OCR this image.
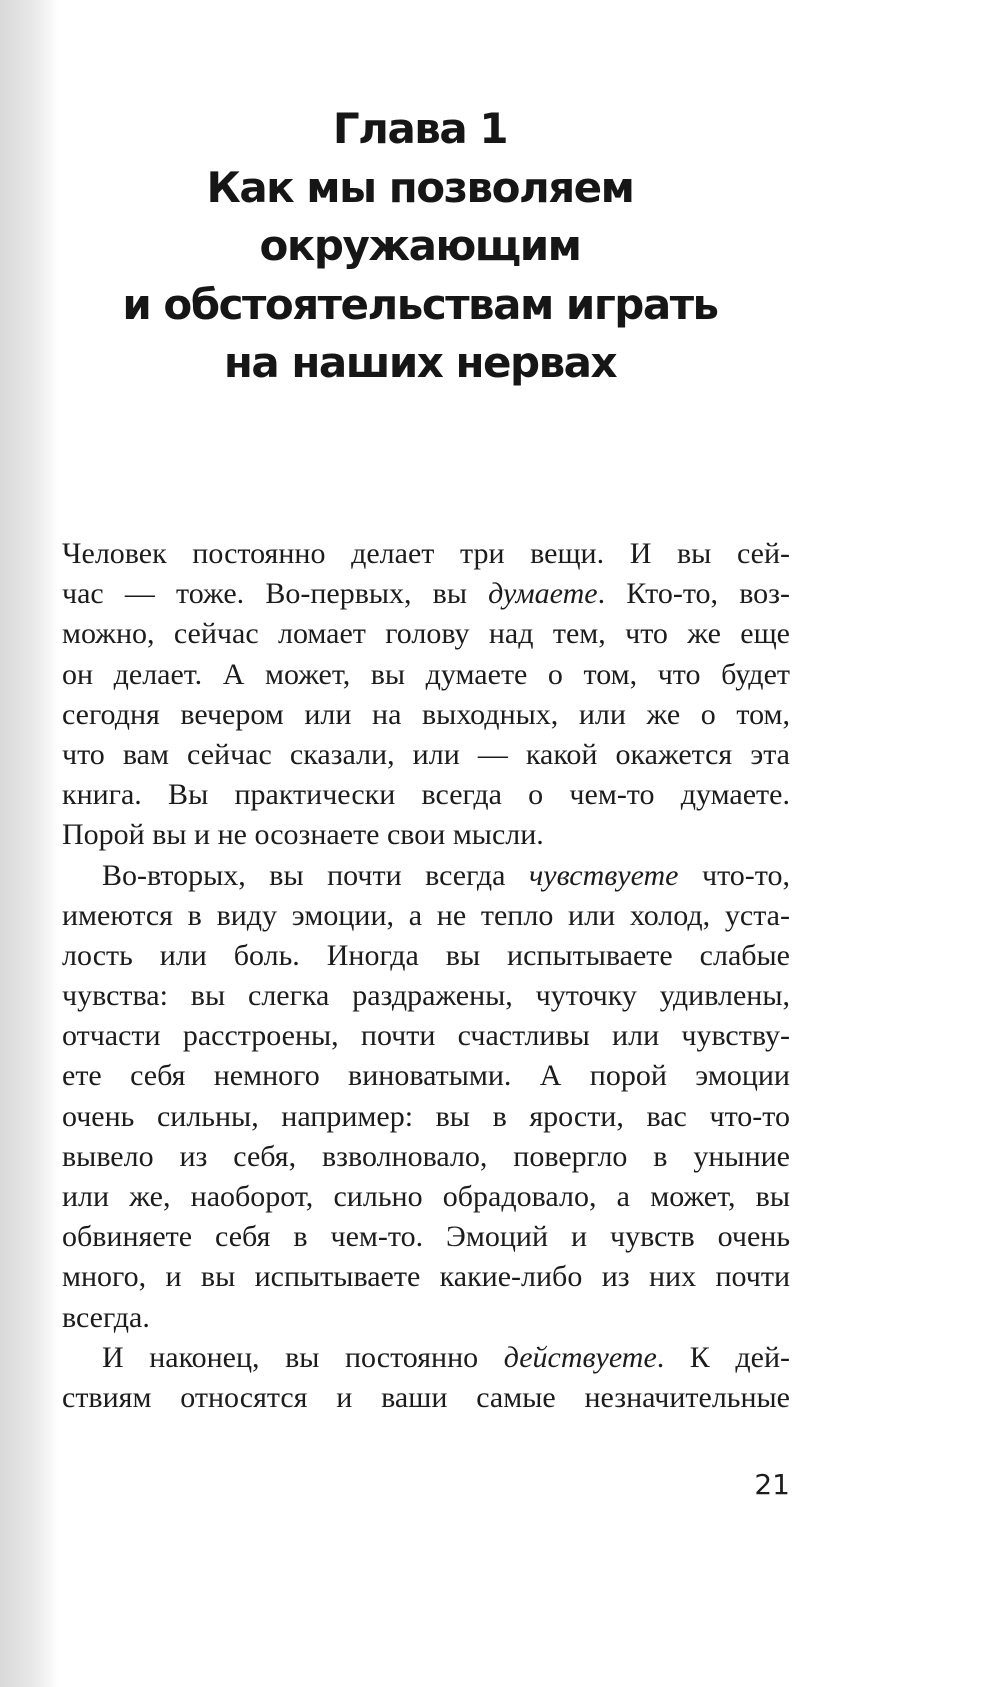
Глава 1
Как мы позволяем
окружающим
и обстоятельствам играть
на наших нервах
Человек постоянно делает три вещи. И вы сей-
час — тоже. Во-первых, вы думаете. Кто-то, воз-
можно, сейчас ломает голову над тем, что же еще
он делает. А может, вы думаете о том, что будет
сегодня вечером или на выходных, или же о том,
что вам сейчас сказали, или — какой окажется эта
книга. Вы практически всегда о чем-то думаете.
Порой вы и не осознаете свои мысли.
Во-вторых, вы почти всегда чувствуете что-то,
имеются в виду эмоции, а не тепло или холод, уста-
лость или боль. Иногда вы испытываете слабые
чувства: вы слегка раздражены, чуточку удивлены,
отчасти расстроены, почти счастливы или чувству-
ете себя немного виноватыми. А порой эмоции
очень сильны, например: вы в ярости, вас что-то
вывело из себя, взволновало, повергло в уныние
или же, наоборот, сильно обрадовало, а может, вы
обвиняете себя в чем-то. Эмоций и чувств очень
много, и вы испытываете какие-либо из них почти
всегда.
И наконец, вы постоянно действуете. К дей-
ствиям относятся и ваши самые незначительные
21
